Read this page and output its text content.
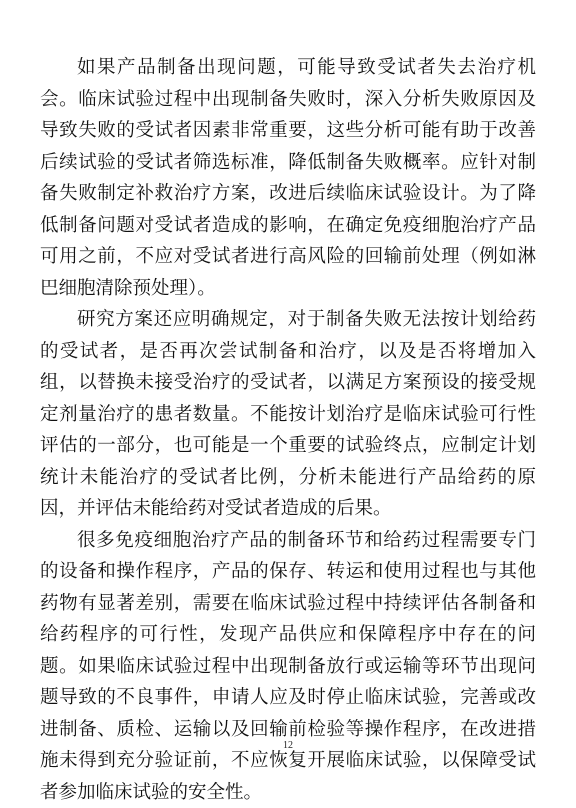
如果产品制备出现问题，可能导致受试者失去治疗机会。临床试验过程中出现制备失败时，深入分析失败原因及导致失败的受试者因素非常重要，这些分析可能有助于改善后续试验的受试者筛选标准，降低制备失败概率。应针对制备失败制定补救治疗方案，改进后续临床试验设计。为了降低制备问题对受试者造成的影响，在确定免疫细胞治疗产品可用之前，不应对受试者进行高风险的回输前处理（例如淋巴细胞清除预处理）。

研究方案还应明确规定，对于制备失败无法按计划给药的受试者，是否再次尝试制备和治疗，以及是否将增加入组，以替换未接受治疗的受试者，以满足方案预设的接受规定剂量治疗的患者数量。不能按计划治疗是临床试验可行性评估的一部分，也可能是一个重要的试验终点，应制定计划统计未能治疗的受试者比例，分析未能进行产品给药的原因，并评估未能给药对受试者造成的后果。

很多免疫细胞治疗产品的制备环节和给药过程需要专门的设备和操作程序，产品的保存、转运和使用过程也与其他药物有显著差别，需要在临床试验过程中持续评估各制备和给药程序的可行性，发现产品供应和保障程序中存在的问题。如果临床试验过程中出现制备放行或运输等环节出现问题导致的不良事件，申请人应及时停止临床试验，完善或改进制备、质检、运输以及回输前检验等操作程序，在改进措施未得到充分验证前，不应恢复开展临床试验，以保障受试者参加临床试验的安全性。

12
